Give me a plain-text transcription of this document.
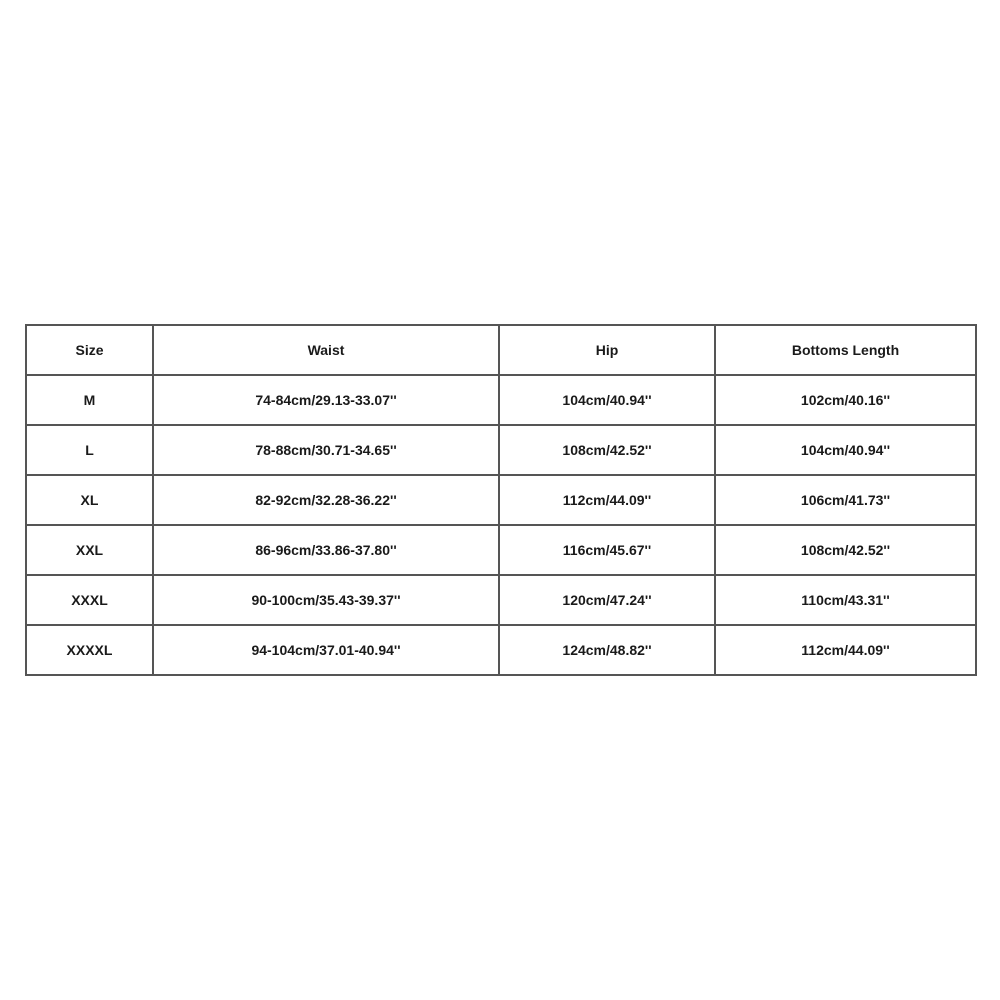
Size	Waist	Hip	Bottoms Length
M	74-84cm/29.13-33.07''	104cm/40.94''	102cm/40.16''
L	78-88cm/30.71-34.65''	108cm/42.52''	104cm/40.94''
XL	82-92cm/32.28-36.22''	112cm/44.09''	106cm/41.73''
XXL	86-96cm/33.86-37.80''	116cm/45.67''	108cm/42.52''
XXXL	90-100cm/35.43-39.37''	120cm/47.24''	110cm/43.31''
XXXXL	94-104cm/37.01-40.94''	124cm/48.82''	112cm/44.09''
